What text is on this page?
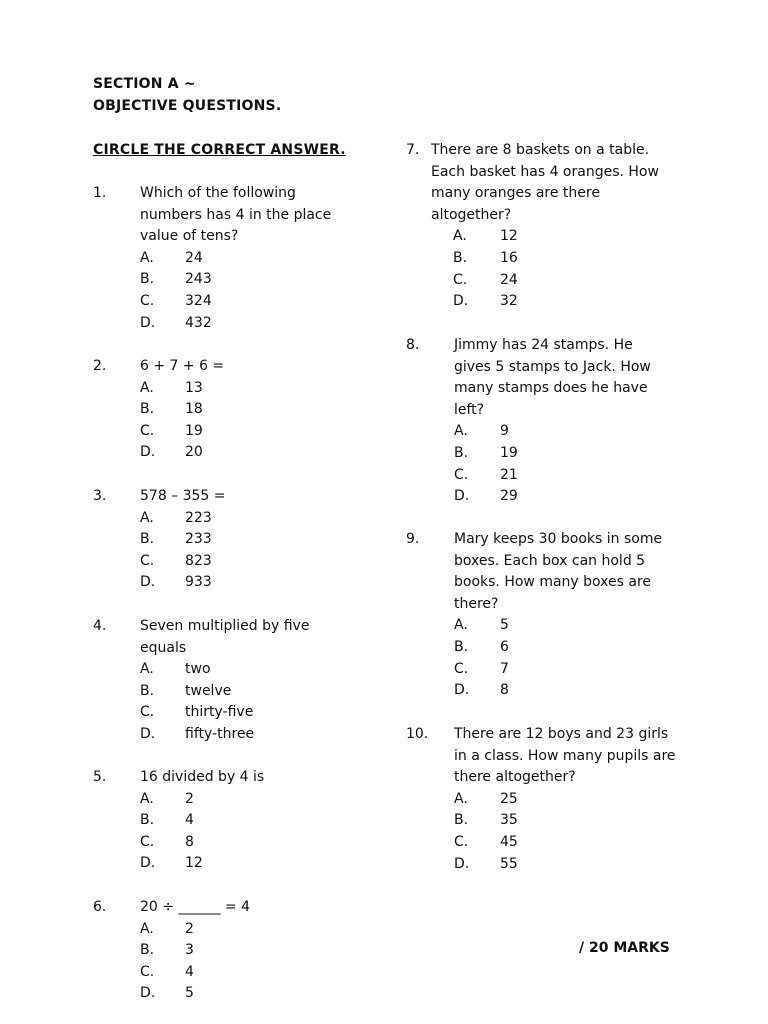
SECTION A ~
OBJECTIVE QUESTIONS.
CIRCLE THE CORRECT ANSWER.
1. Which of the following
numbers has 4 in the place
value of tens?
A. 24
B. 243
C. 324
D. 432
2. 6 + 7 + 6 =
A. 13
B. 18
C. 19
D. 20
3. 578 – 355 =
A. 223
B. 233
C. 823
D. 933
4. Seven multiplied by five
equals
A. two
B. twelve
C. thirty-five
D. fifty-three
5. 16 divided by 4 is
A. 2
B. 4
C. 8
D. 12
6. 20 ÷ ______ = 4
A. 2
B. 3
C. 4
D. 5
7. There are 8 baskets on a table.
Each basket has 4 oranges. How
many oranges are there
altogether?
A. 12
B. 16
C. 24
D. 32
8. Jimmy has 24 stamps. He
gives 5 stamps to Jack. How
many stamps does he have
left?
A. 9
B. 19
C. 21
D. 29
9. Mary keeps 30 books in some
boxes. Each box can hold 5
books. How many boxes are
there?
A. 5
B. 6
C. 7
D. 8
10. There are 12 boys and 23 girls
in a class. How many pupils are
there altogether?
A. 25
B. 35
C. 45
D. 55
/ 20 MARKS
